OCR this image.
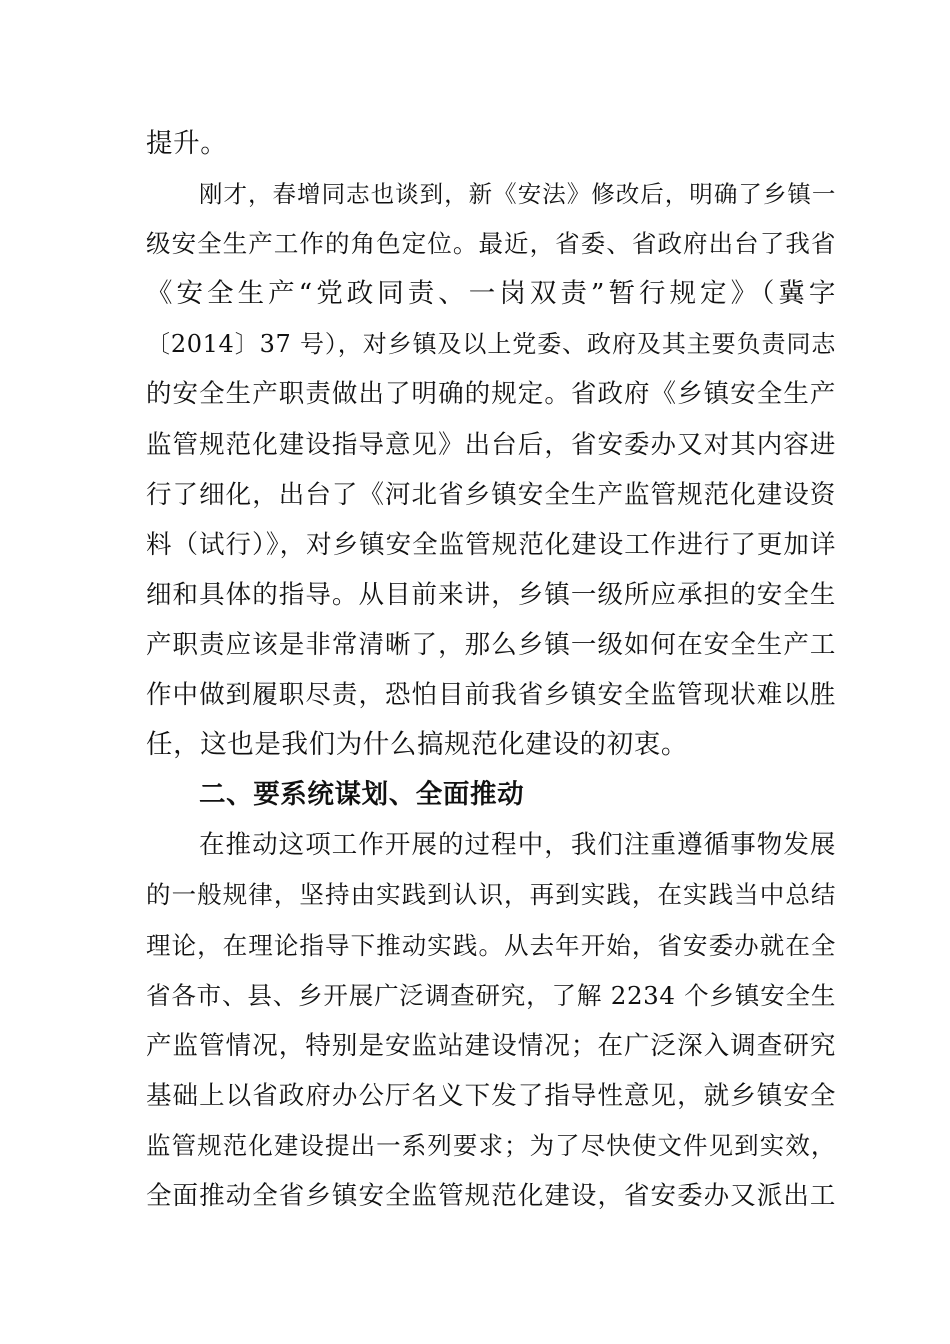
提升。
刚才，春增同志也谈到，新《安法》修改后，明确了乡镇一
级安全生产工作的角色定位。最近，省委、省政府出台了我省
《安全生产“党政同责、一岗双责”暂行规定》（冀字
〔2014〕37 号），对乡镇及以上党委、政府及其主要负责同志
的安全生产职责做出了明确的规定。省政府《乡镇安全生产
监管规范化建设指导意见》出台后，省安委办又对其内容进
行了细化，出台了《河北省乡镇安全生产监管规范化建设资
料（试行）》，对乡镇安全监管规范化建设工作进行了更加详
细和具体的指导。从目前来讲，乡镇一级所应承担的安全生
产职责应该是非常清晰了，那么乡镇一级如何在安全生产工
作中做到履职尽责，恐怕目前我省乡镇安全监管现状难以胜
任，这也是我们为什么搞规范化建设的初衷。
二、要系统谋划、全面推动
在推动这项工作开展的过程中，我们注重遵循事物发展
的一般规律，坚持由实践到认识，再到实践，在实践当中总结
理论，在理论指导下推动实践。从去年开始，省安委办就在全
省各市、县、乡开展广泛调查研究，了解 2234 个乡镇安全生
产监管情况，特别是安监站建设情况；在广泛深入调查研究
基础上以省政府办公厅名义下发了指导性意见，就乡镇安全
监管规范化建设提出一系列要求；为了尽快使文件见到实效，
全面推动全省乡镇安全监管规范化建设，省安委办又派出工
